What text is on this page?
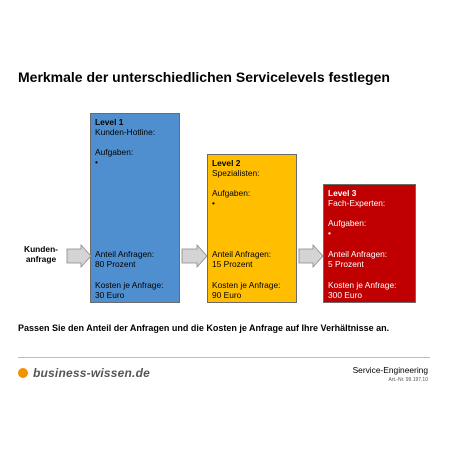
Merkmale der unterschiedlichen Servicelevels festlegen
Level 1
Kunden-Hotline:
Aufgaben:
•
Anteil Anfragen:
80 Prozent
Kosten je Anfrage:
30 Euro
Level 2
Spezialisten:
Aufgaben:
•
Anteil Anfragen:
15 Prozent
Kosten je Anfrage:
90 Euro
Level 3
Fach-Experten:
Aufgaben:
•
Anteil Anfragen:
5 Prozent
Kosten je Anfrage:
300 Euro
Kunden-
anfrage
Passen Sie den Anteil der Anfragen und die Kosten je Anfrage auf Ihre Verhältnisse an.
business-wissen.de	Service-Engineering
Art.-Nr. 99.197.10
